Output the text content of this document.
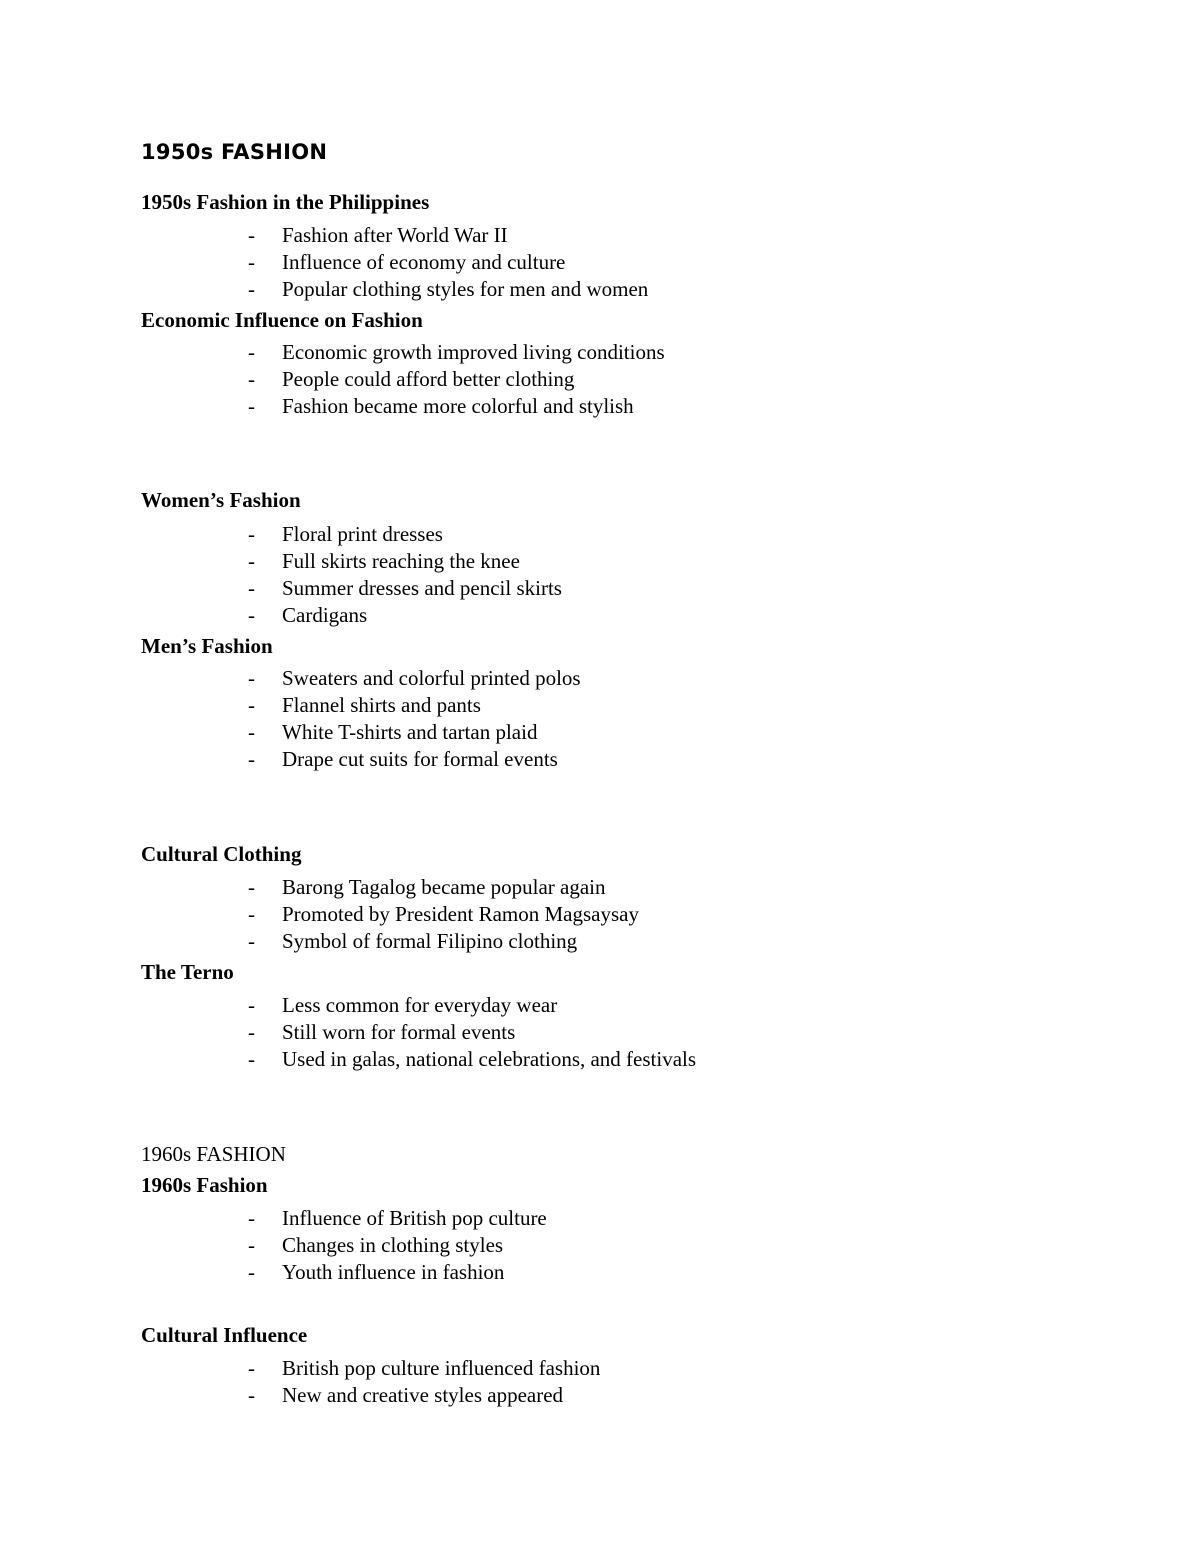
1950s FASHION
1950s Fashion in the Philippines
- Fashion after World War II
- Influence of economy and culture
- Popular clothing styles for men and women
Economic Influence on Fashion
- Economic growth improved living conditions
- People could afford better clothing
- Fashion became more colorful and stylish
Women’s Fashion
- Floral print dresses
- Full skirts reaching the knee
- Summer dresses and pencil skirts
- Cardigans
Men’s Fashion
- Sweaters and colorful printed polos
- Flannel shirts and pants
- White T-shirts and tartan plaid
- Drape cut suits for formal events
Cultural Clothing
- Barong Tagalog became popular again
- Promoted by President Ramon Magsaysay
- Symbol of formal Filipino clothing
The Terno
- Less common for everyday wear
- Still worn for formal events
- Used in galas, national celebrations, and festivals
1960s FASHION
1960s Fashion
- Influence of British pop culture
- Changes in clothing styles
- Youth influence in fashion
Cultural Influence
- British pop culture influenced fashion
- New and creative styles appeared
